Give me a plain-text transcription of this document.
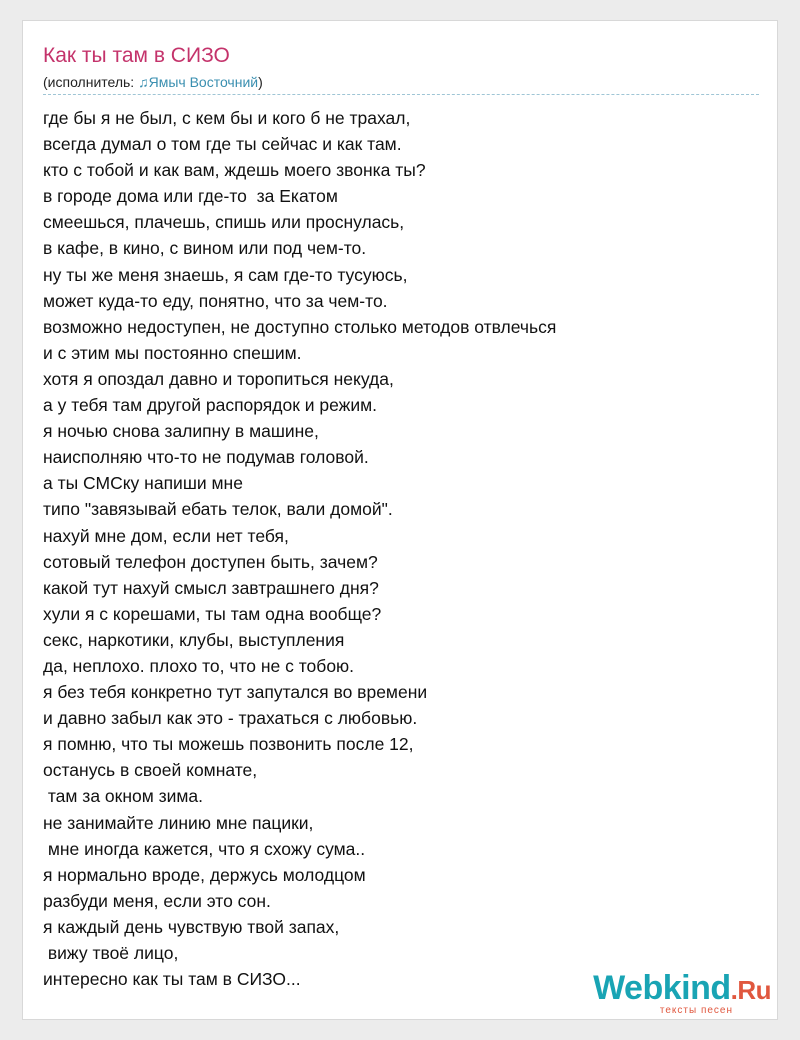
Как ты там в СИЗО
(исполнитель: ♫Ямыч Восточний)
где бы я не был, с кем бы и кого б не трахал,
всегда думал о том где ты сейчас и как там.
кто с тобой и как вам, ждешь моего звонка ты?
в городе дома или где-то  за Екатом
смеешься, плачешь, спишь или проснулась,
в кафе, в кино, с вином или под чем-то.
ну ты же меня знаешь, я сам где-то тусуюсь,
может куда-то еду, понятно, что за чем-то.
возможно недоступен, не доступно столько методов отвлечься
и с этим мы постоянно спешим.
хотя я опоздал давно и торопиться некуда,
а у тебя там другой распорядок и режим.
я ночью снова залипну в машине,
наисполняю что-то не подумав головой.
а ты СМСку напиши мне
типо "завязывай ебать телок, вали домой".
нахуй мне дом, если нет тебя,
сотовый телефон доступен быть, зачем?
какой тут нахуй смысл завтрашнего дня?
хули я с корешами, ты там одна вообще?
секс, наркотики, клубы, выступления
да, неплохо. плохо то, что не с тобою.
я без тебя конкретно тут запутался во времени
и давно забыл как это - трахаться с любовью.
я помню, что ты можешь позвонить после 12,
останусь в своей комнате,
там за окном зима.
не занимайте линию мне пацики,
мне иногда кажется, что я схожу сума..
я нормально вроде, держусь молодцом
разбуди меня, если это сон.
я каждый день чувствую твой запах,
вижу твоё лицо,
интересно как ты там в СИЗО...	Webkind.Ru
тексты песен
